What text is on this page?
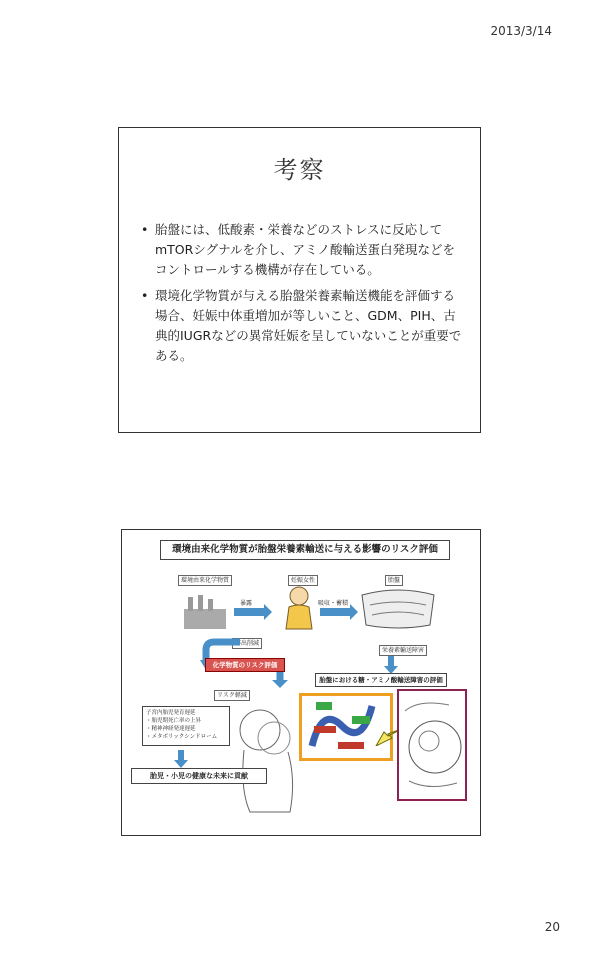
2013/3/14
考察
• 胎盤には、低酸素・栄養などのストレスに反応してmTORシグナルを介し、アミノ酸輸送蛋白発現などをコントロールする機構が存在している。
• 環境化学物質が与える胎盤栄養素輸送機能を評価する場合、妊娠中体重増加が等しいこと、GDM、PIH、古典的IUGRなどの異常妊娠を呈していないことが重要である。
環境由来化学物質が胎盤栄養素輸送に与える影響のリスク評価
環境由来化学物質	妊娠女性	胎盤
暴露	吸収・蓄積
排出削減
栄養素輸送障害
化学物質のリスク評価
胎盤における糖・アミノ酸輸送障害の評価
リスク軽減
子宮内胎児発育遅延
・胎児期死亡率の上昇
・精神神経発達遅延
・メタボリックシンドローム
胎児・小児の健康な未来に貢献
20
